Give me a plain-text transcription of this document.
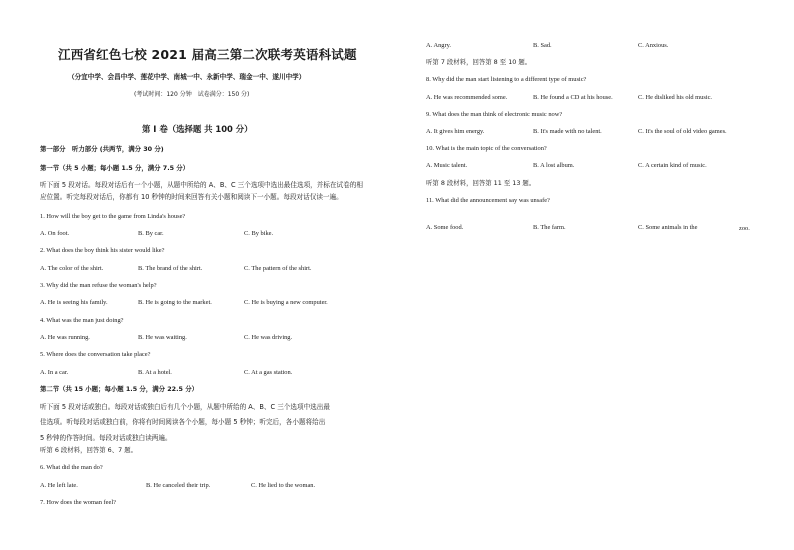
江西省红色七校 2021 届高三第二次联考英语科试题
（分宜中学、会昌中学、莲花中学、南城一中、永新中学、瑞金一中、遂川中学）
(考试时间：120 分钟　试卷满分：150 分)
第 I 卷（选择题 共 100 分）
第一部分　听力部分 (共两节，满分 30 分)
第一节（共 5 小题；每小题 1.5 分，满分 7.5 分）
听下面 5 段对话。每段对话后有一个小题，从题中所给的 A、B、C 三个选项中选出最佳选项，并标在试卷的相应位置。听完每段对话后，你都有 10 秒钟的时间来回答有关小题和阅读下一小题。每段对话仅读一遍。
1. How will the boy get to the game from Linda's house?
A. On foot.	B. By car.	C. By bike.
2. What does the boy think his sister would like?
A. The color of the shirt.	B. The brand of the shirt.	C. The pattern of the shirt.
3. Why did the man refuse the woman's help?
A. He is seeing his family.	B. He is going to the market.	C. He is buying a new computer.
4. What was the man just doing?
A. He was running.	B. He was waiting.	C. He was driving.
5. Where does the conversation take place?
A. In a car.	B. At a hotel.	C. At a gas station.
第二节（共 15 小题；每小题 1.5 分，满分 22.5 分）
听下面 5 段对话或独白。每段对话或独白后有几个小题，从题中所给的 A、B、C 三个选项中选出最
佳选项。听每段对话或独白前，你将有时间阅读各个小题，每小题 5 秒钟；听完后，各小题将给出
5 秒钟的作答时间。每段对话或独白读两遍。
听第 6 段材料，回答第 6、7 题。
6. What did the man do?
A. He left late.	B. He canceled their trip.	C. He lied to the woman.
7. How does the woman feel?
A. Angry.	B. Sad.	C. Anxious.
听第 7 段材料，回答第 8 至 10 题。
8. Why did the man start listening to a different type of music?
A. He was recommended some.	B. He found a CD at his house.	C. He disliked his old music.
9. What does the man think of electronic music now?
A. It gives him energy.	B. It's made with no talent.	C. It's the soul of old video games.
10. What is the main topic of the conversation?
A. Music talent.	B. A lost album.	C. A certain kind of music.
听第 8 段材料，回答第 11 至 13 题。
11. What did the announcement say was unsafe?
A. Some food.	B. The farm.	C. Some animals in the	zoo.
